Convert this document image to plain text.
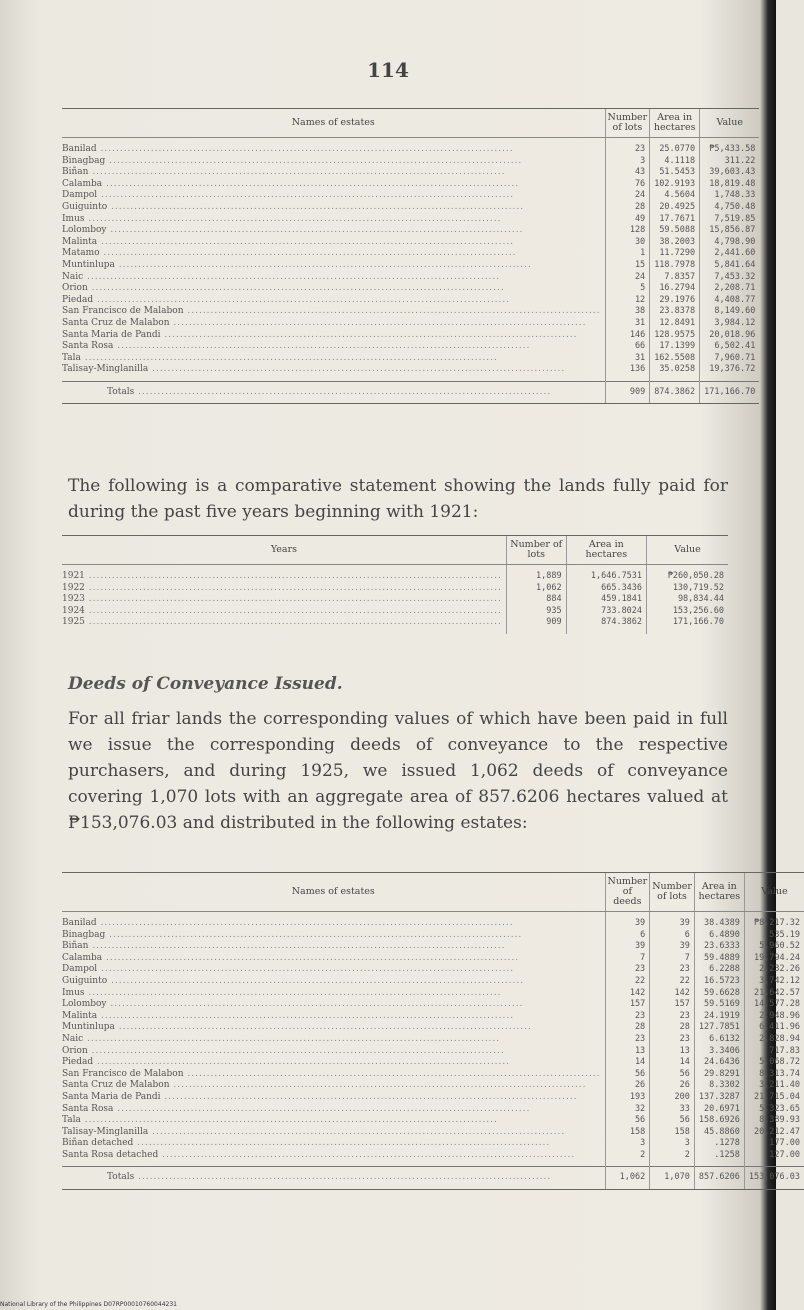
114
Names of estates	Number of lots	Area in hectares	Value
Banilad .....	23	25.0770	₱5,433.58
Binagbag .....	3	4.1118	311.22
Biñan .....	43	51.5453	39,603.43
Calamba .....	76	102.9193	18,819.48
Dampol .....	24	4.5604	1,748.33
Guiguinto .....	28	20.4925	4,750.48
Imus .....	49	17.7671	7,519.85
Lolomboy .....	128	59.5088	15,856.87
Malinta .....	30	38.2003	4,798.90
Matamo .....	1	11.7290	2,441.60
Muntinlupa .....	15	118.7978	5,841.64
Naic .....	24	7.8357	7,453.32
Orion .....	5	16.2794	2,208.71
Piedad .....	12	29.1976	4,408.77
San Francisco de Malabon .....	38	23.8378	8,149.60
Santa Cruz de Malabon .....	31	12.8491	3,984.12
Santa Maria de Pandi .....	146	128.9575	20,018.96
Santa Rosa .....	66	17.1399	6,502.41
Tala .....	31	162.5508	7,960.71
Talisay-Minglanilla .....	136	35.0258	19,376.72
Totals .....	909	874.3862	171,166.70
The following is a comparative statement showing the lands fully paid for during the past five years beginning with 1921:
Years	Number of lots	Area in hectares	Value
1921 .....	1,889	1,646.7531	₱260,050.28
1922 .....	1,062	665.3436	130,719.52
1923 .....	884	459.1841	98,834.44
1924 .....	935	733.8024	153,256.60
1925 .....	909	874.3862	171,166.70
Deeds of Conveyance Issued.
For all friar lands the corresponding values of which have been paid in full we issue the corresponding deeds of conveyance to the respective purchasers, and during 1925, we issued 1,062 deeds of conveyance covering 1,070 lots with an aggregate area of 857.6206 hectares valued at ₱153,076.03 and distributed in the following estates:
Names of estates	Number of deeds	Number of lots	Area in hectares	Value
Banilad .....	39	39	38.4389	₱8,217.32
Binagbag .....	6	6	6.4890	535.19
Biñan .....	39	39	23.6333	5,960.52
Calamba .....	7	7	59.4889	19,794.24
Dampol .....	23	23	6.2288	2,232.26
Guiguinto .....	22	22	16.5723	3,742.12
Imus .....	142	142	59.6628	21,642.57
Lolomboy .....	157	157	59.5169	14,577.28
Malinta .....	23	23	24.1919	2,948.96
Muntinlupa .....	28	28	127.7851	6,411.96
Naic .....	23	23	6.6132	2,828.94
Orion .....	13	13	3.3406	717.83
Piedad .....	14	14	24.6436	5,068.72
San Francisco de Malabon .....	56	56	29.8291	8,313.74
Santa Cruz de Malabon .....	26	26	8.3302	3,211.40
Santa Maria de Pandi .....	193	200	137.3287	21,715.04
Santa Rosa .....	32	33	20.6971	5,323.65
Tala .....	56	56	158.6926	8,389.93
Talisay-Minglanilla .....	158	158	45.8860	20,212.47
Biñan detached .....	3	3	.1278	177.00
Santa Rosa detached .....	2	2	.1258	127.00
Totals .....	1,062	1,070	857.6206	153,076.03
National Library of the Philippines D07RP00010760044231
